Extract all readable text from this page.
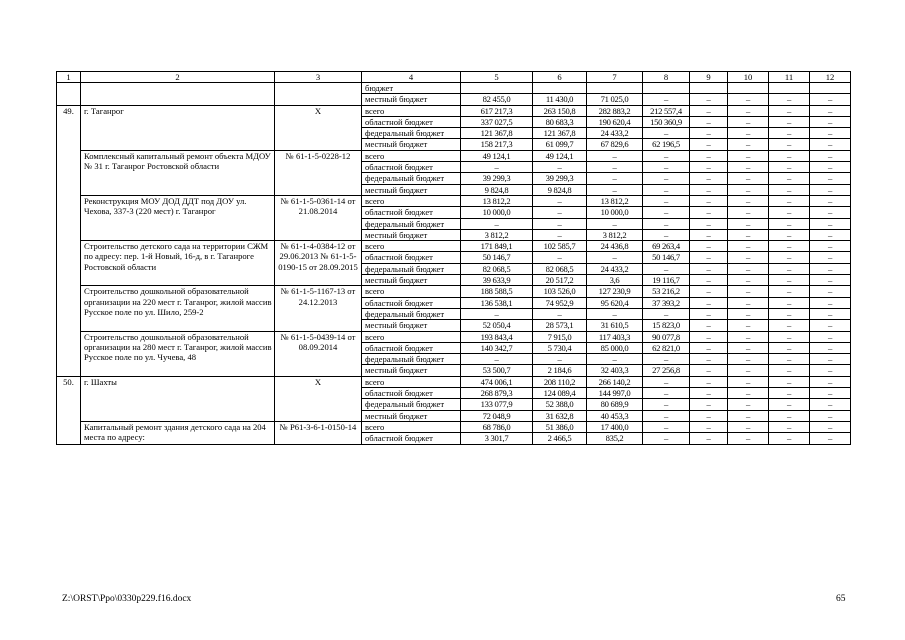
1	2	3	4	5	6	7	8	9	10	11	12
			бюджет								
			местный бюджет	82 455,0	11 430,0	71 025,0	–	–	–	–	–
49.	г. Таганрог	Х	всего	617 217,3	263 150,8	282 883,2	212 557,4	–	–	–	–
			областной бюджет	337 027,5	80 683,3	190 620,4	150 360,9	–	–	–	–
			федеральный бюджет	121 367,8	121 367,8	24 433,2	–	–	–	–	–
			местный бюджет	158 217,3	61 099,7	67 829,6	62 196,5	–	–	–	–
	Комплексный капитальный ремонт объекта МДОУ № 31 г. Таганрог Ростовской области	№ 61-1-5-0228-12	всего	49 124,1	49 124,1	–	–	–	–	–	–
			областной бюджет	–	–	–	–	–	–	–	–
			федеральный бюджет	39 299,3	39 299,3	–	–	–	–	–	–
			местный бюджет	9 824,8	9 824,8	–	–	–	–	–	–
	Реконструкция МОУ ДОД ДДТ под ДОУ ул. Чехова, 337-3 (220 мест) г. Таганрог	№ 61-1-5-0361-14 от 21.08.2014	всего	13 812,2	–	13 812,2	–	–	–	–	–
			областной бюджет	10 000,0	–	10 000,0	–	–	–	–	–
			федеральный бюджет	–	–	–	–	–	–	–	–
			местный бюджет	3 812,2	–	3 812,2	–	–	–	–	–
	Строительство детского сада на территории СЖМ по адресу: пер. 1-й Новый, 16-д, в г. Таганроге Ростовской области	№ 61-1-4-0384-12 от 29.06.2013 № 61-1-5-0190-15 от 28.09.2015	всего	171 849,1	102 585,7	24 436,8	69 263,4	–	–	–	–
			областной бюджет	50 146,7	–	–	50 146,7	–	–	–	–
			федеральный бюджет	82 068,5	82 068,5	24 433,2	–	–	–	–	–
			местный бюджет	39 633,9	20 517,2	3,6	19 116,7	–	–	–	–
	Строительство дошкольной образовательной организации на 220 мест г. Таганрог, жилой массив Русское поле по ул. Шило, 259-2	№ 61-1-5-1167-13 от 24.12.2013	всего	188 588,5	103 526,0	127 230,9	53 216,2	–	–	–	–
			областной бюджет	136 538,1	74 952,9	95 620,4	37 393,2	–	–	–	–
			федеральный бюджет	–	–	–	–	–	–	–	–
			местный бюджет	52 050,4	28 573,1	31 610,5	15 823,0	–	–	–	–
	Строительство дошкольной образовательной организации на 280 мест г. Таганрог, жилой массив Русское поле по ул. Чучева, 48	№ 61-1-5-0439-14 от 08.09.2014	всего	193 843,4	7 915,0	117 403,3	90 077,8	–	–	–	–
			областной бюджет	140 342,7	5 730,4	85 000,0	62 821,0	–	–	–	–
			федеральный бюджет	–	–	–	–	–	–	–	–
			местный бюджет	53 500,7	2 184,6	32 403,3	27 256,8	–	–	–	–
50.	г. Шахты	Х	всего	474 006,1	208 110,2	266 140,2	–	–	–	–	–
			областной бюджет	268 879,3	124 089,4	144 997,0	–	–	–	–	–
			федеральный бюджет	133 077,9	52 388,0	80 689,9	–	–	–	–	–
			местный бюджет	72 048,9	31 632,8	40 453,3	–	–	–	–	–
	Капитальный ремонт здания детского сада на 204 места по адресу:	№ Р61-3-6-1-0150-14	всего	68 786,0	51 386,0	17 400,0	–	–	–	–	–
			областной бюджет	3 301,7	2 466,5	835,2	–	–	–	–	–
Z:\ORST\Ppo\0330p229.f16.docx	65
